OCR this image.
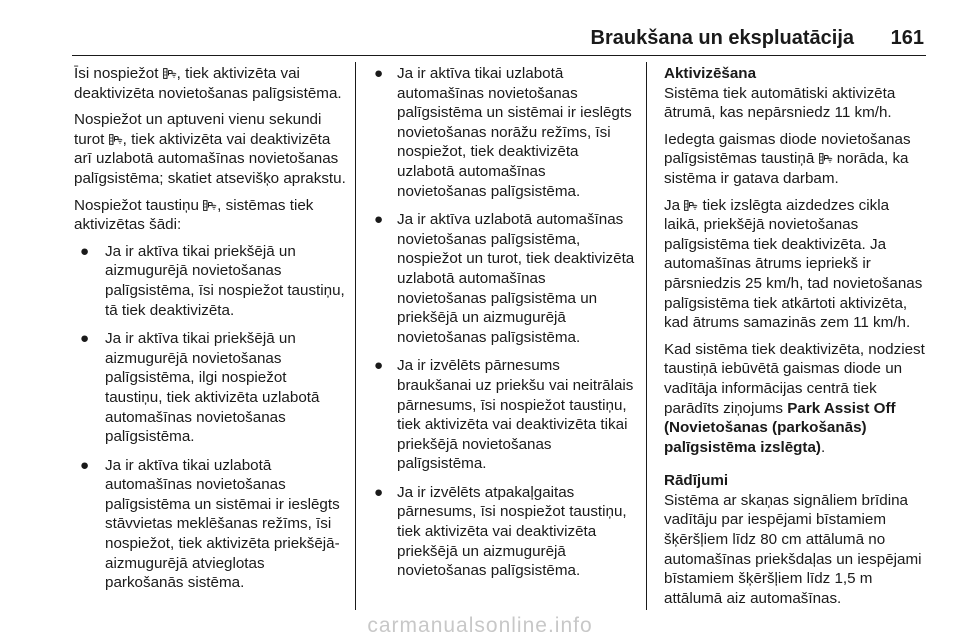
Braukšana un ekspluatācija 161

Īsi nospiežot , tiek aktivizēta vai deaktivizēta novietošanas palīgsistēma.

Nospiežot un aptuveni vienu sekundi turot , tiek aktivizēta vai deaktivizēta arī uzlabotā automašīnas novietošanas palīgsistēma; skatiet atsevišķo aprakstu.

Nospiežot taustiņu , sistēmas tiek aktivizētas šādi:

● Ja ir aktīva tikai priekšējā un aizmugurējā novietošanas palīgsistēma, īsi nospiežot taustiņu, tā tiek deaktivizēta.
● Ja ir aktīva tikai priekšējā un aizmugurējā novietošanas palīgsistēma, ilgi nospiežot taustiņu, tiek aktivizēta uzlabotā automašīnas novietošanas palīgsistēma.
● Ja ir aktīva tikai uzlabotā automašīnas novietošanas palīgsistēma un sistēmai ir ieslēgts stāvvietas meklēšanas režīms, īsi nospiežot, tiek aktivizēta priekšējā-aizmugurējā atvieglotas parkošanās sistēma.
● Ja ir aktīva tikai uzlabotā automašīnas novietošanas palīgsistēma un sistēmai ir ieslēgts novietošanas norāžu režīms, īsi nospiežot, tiek deaktivizēta uzlabotā automašīnas novietošanas palīgsistēma.
● Ja ir aktīva uzlabotā automašīnas novietošanas palīgsistēma, nospiežot un turot, tiek deaktivizēta uzlabotā automašīnas novietošanas palīgsistēma un priekšējā un aizmugurējā novietošanas palīgsistēma.
● Ja ir izvēlēts pārnesums braukšanai uz priekšu vai neitrālais pārnesums, īsi nospiežot taustiņu, tiek aktivizēta vai deaktivizēta tikai priekšējā novietošanas palīgsistēma.
● Ja ir izvēlēts atpakaļgaitas pārnesums, īsi nospiežot taustiņu, tiek aktivizēta vai deaktivizēta priekšējā un aizmugurējā novietošanas palīgsistēma.

Aktivizēšana

Sistēma tiek automātiski aktivizēta ātrumā, kas nepārsniedz 11 km/h.

Iedegta gaismas diode novietošanas palīgsistēmas taustiņā  norāda, ka sistēma ir gatava darbam.

Ja  tiek izslēgta aizdedzes cikla laikā, priekšējā novietošanas palīgsistēma tiek deaktivizēta. Ja automašīnas ātrums iepriekš ir pārsniedzis 25 km/h, tad novietošanas palīgsistēma tiek atkārtoti aktivizēta, kad ātrums samazinās zem 11 km/h.

Kad sistēma tiek deaktivizēta, nodziest taustiņā iebūvētā gaismas diode un vadītāja informācijas centrā tiek parādīts ziņojums Park Assist Off (Novietošanas (parkošanās) palīgsistēma izslēgta).

Rādījumi

Sistēma ar skaņas signāliem brīdina vadītāju par iespējami bīstamiem šķēršļiem līdz 80 cm attālumā no automašīnas priekšdaļas un iespējami bīstamiem šķēršļiem līdz 1,5 m attālumā aiz automašīnas.

carmanualsonline.info
